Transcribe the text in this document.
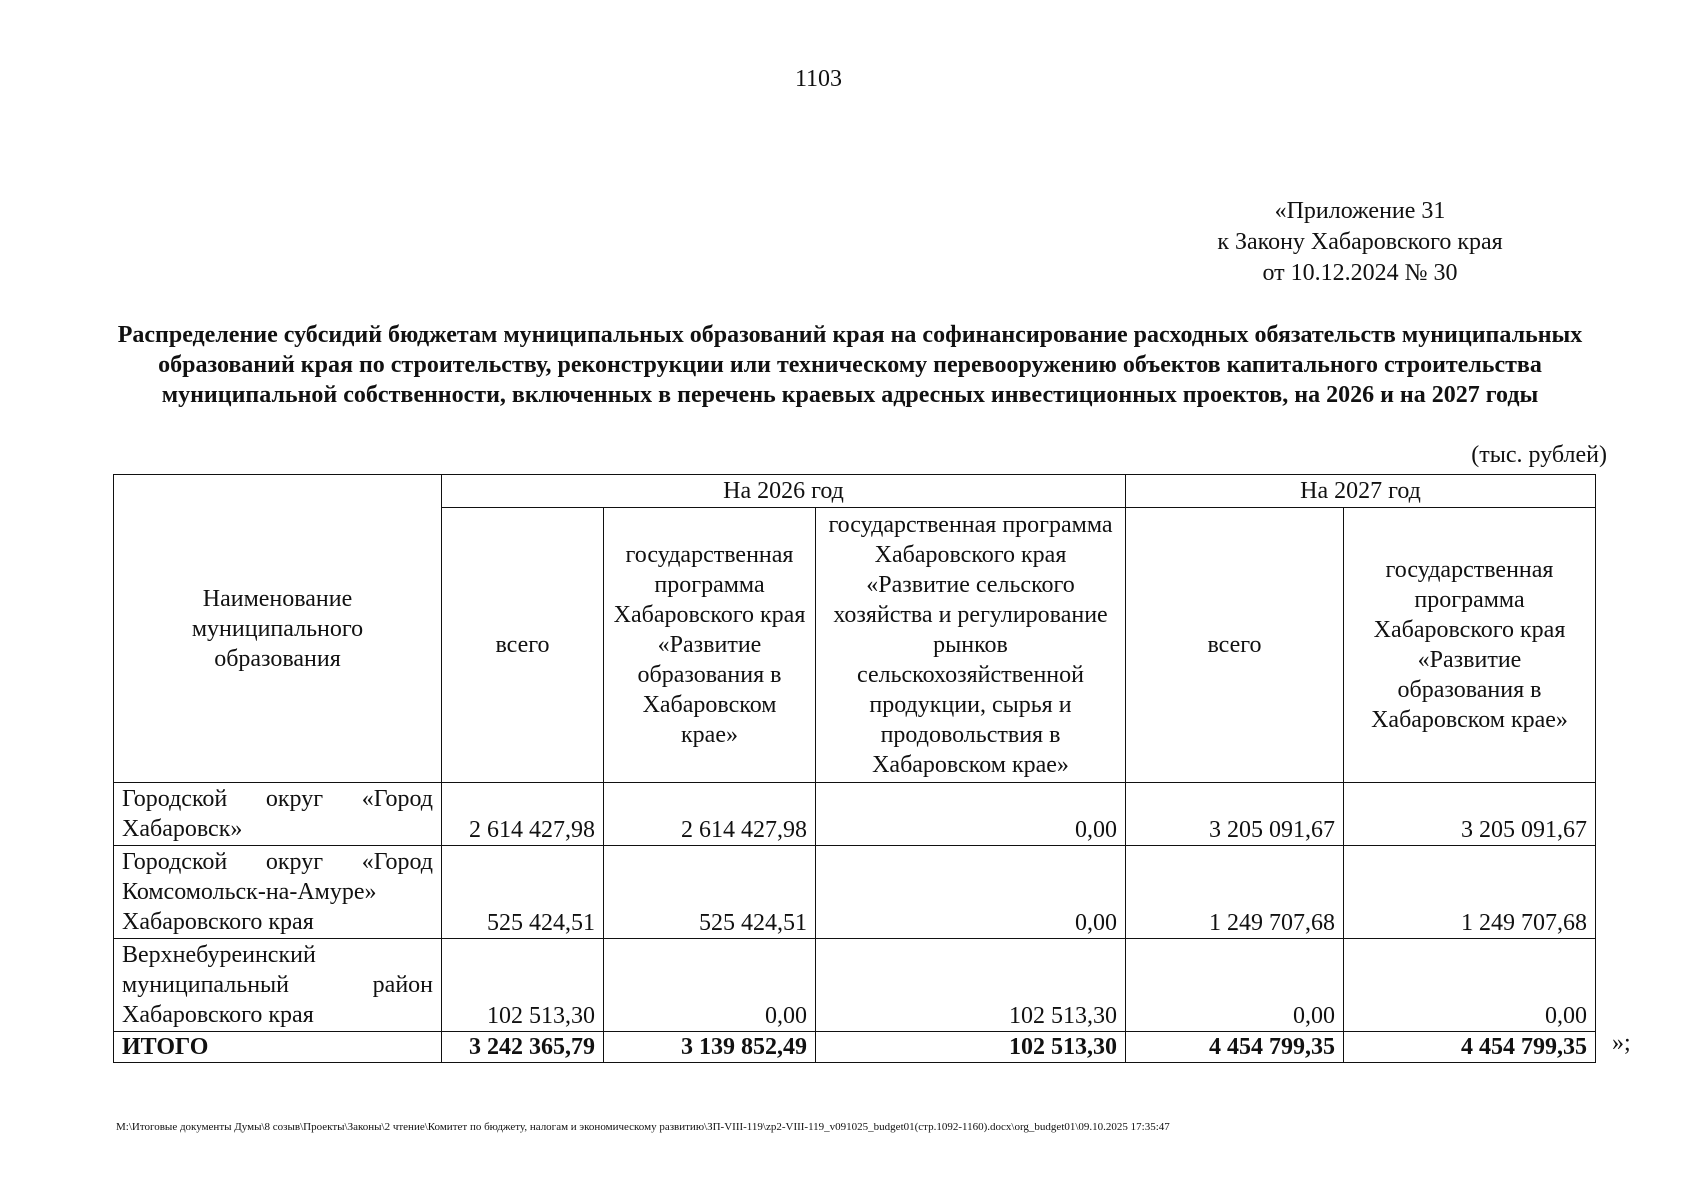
1103
«Приложение 31
к Закону Хабаровского края
от 10.12.2024 № 30
Распределение субсидий бюджетам муниципальных образований края на софинансирование расходных обязательств муниципальных образований края по строительству, реконструкции или техническому перевооружению объектов капитального строительства муниципальной собственности, включенных в перечень краевых адресных инвестиционных проектов, на 2026 и на 2027 годы
(тыс. рублей)
Наименование муниципального образования	На 2026 год			На 2027 год	
	всего	государственная программа Хабаровского края «Развитие образования в Хабаровском крае»	государственная программа Хабаровского края «Развитие сельского хозяйства и регулирование рынков сельскохозяйственной продукции, сырья и продовольствия в Хабаровском крае»	всего	государственная программа Хабаровского края «Развитие образования в Хабаровском крае»
Городской округ «Город Хабаровск»	2 614 427,98	2 614 427,98	0,00	3 205 091,67	3 205 091,67
Городской округ «Город Комсомольск-на-Амуре» Хабаровского края	525 424,51	525 424,51	0,00	1 249 707,68	1 249 707,68
Верхнебуреинский муниципальный район Хабаровского края	102 513,30	0,00	102 513,30	0,00	0,00
ИТОГО	3 242 365,79	3 139 852,49	102 513,30	4 454 799,35	4 454 799,35 »;
M:\Итоговые документы Думы\8 созыв\Проекты\Законы\2 чтение\Комитет по бюджету, налогам и экономическому развитию\ЗП-VIII-119\zp2-VIII-119_v091025_budget01(стр.1092-1160).docx\org_budget01\09.10.2025 17:35:47
